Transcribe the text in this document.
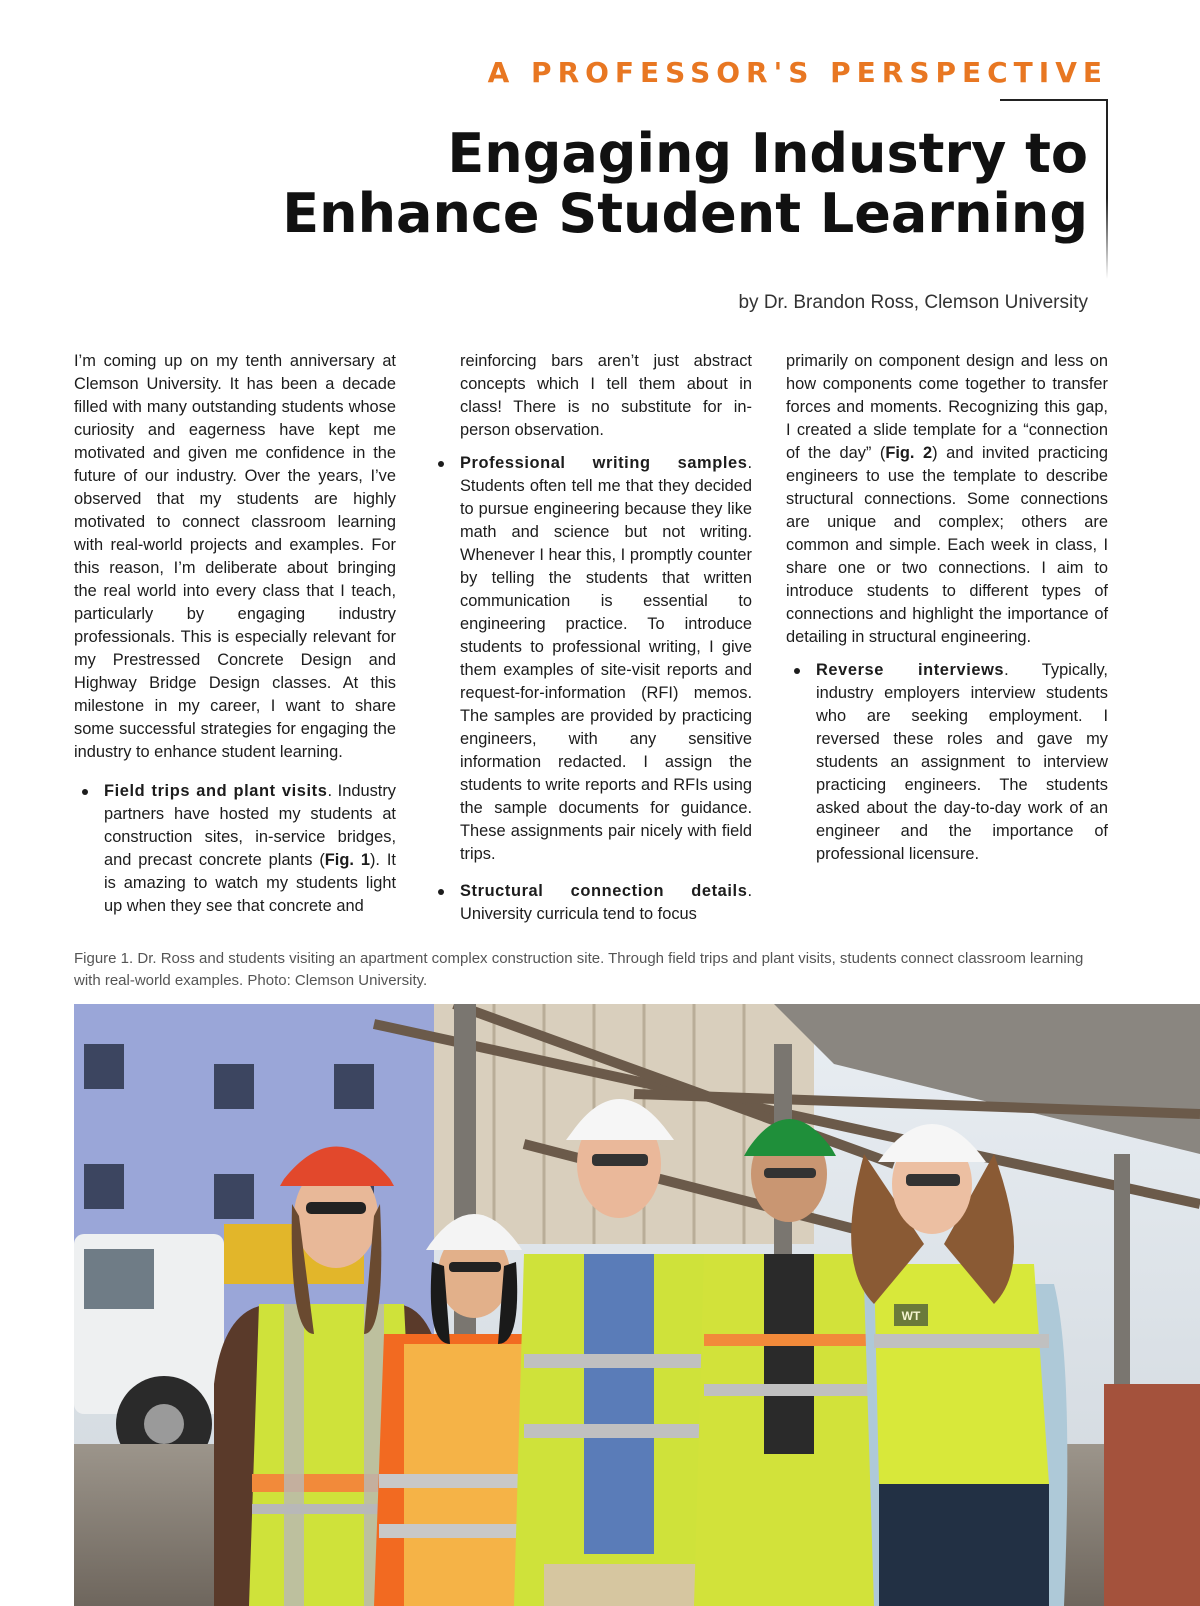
A PROFESSOR'S PERSPECTIVE
Engaging Industry to
Enhance Student Learning
by Dr. Brandon Ross, Clemson University

I’m coming up on my tenth anniversary at Clemson University. It has been a decade filled with many outstanding students whose curiosity and eagerness have kept me motivated and given me confidence in the future of our industry. Over the years, I’ve observed that my students are highly motivated to connect classroom learning with real-world projects and examples. For this reason, I’m deliberate about bringing the real world into every class that I teach, particularly by engaging industry professionals. This is especially relevant for my Prestressed Concrete Design and Highway Bridge Design classes. At this milestone in my career, I want to share some successful strategies for engaging the industry to enhance student learning.

Field trips and plant visits. Industry partners have hosted my students at construction sites, in-service bridges, and precast concrete plants (Fig. 1). It is amazing to watch my students light up when they see that concrete and

reinforcing bars aren’t just abstract concepts which I tell them about in class! There is no substitute for in-person observation.

Professional writing samples. Students often tell me that they decided to pursue engineering because they like math and science but not writing. Whenever I hear this, I promptly counter by telling the students that written communication is essential to engineering practice. To introduce students to professional writing, I give them examples of site-visit reports and request-for-information (RFI) memos. The samples are provided by practicing engineers, with any sensitive information redacted. I assign the students to write reports and RFIs using the sample documents for guidance. These assignments pair nicely with field trips.
Structural connection details. University curricula tend to focus

primarily on component design and less on how components come together to transfer forces and moments. Recognizing this gap, I created a slide template for a “connection of the day” (Fig. 2) and invited practicing engineers to use the template to describe structural connections. Some connections are unique and complex; others are common and simple. Each week in class, I share one or two connections. I aim to introduce students to different types of connections and highlight the importance of detailing in structural engineering.

Reverse interviews. Typically, industry employers interview students who are seeking employment. I reversed these roles and gave my students an assignment to interview practicing engineers. The students asked about the day-to-day work of an engineer and the importance of professional licensure.
Figure 1. Dr. Ross and students visiting an apartment complex construction site. Through field trips and plant visits, students connect classroom learning with real-world examples. Photo: Clemson University.
WT
